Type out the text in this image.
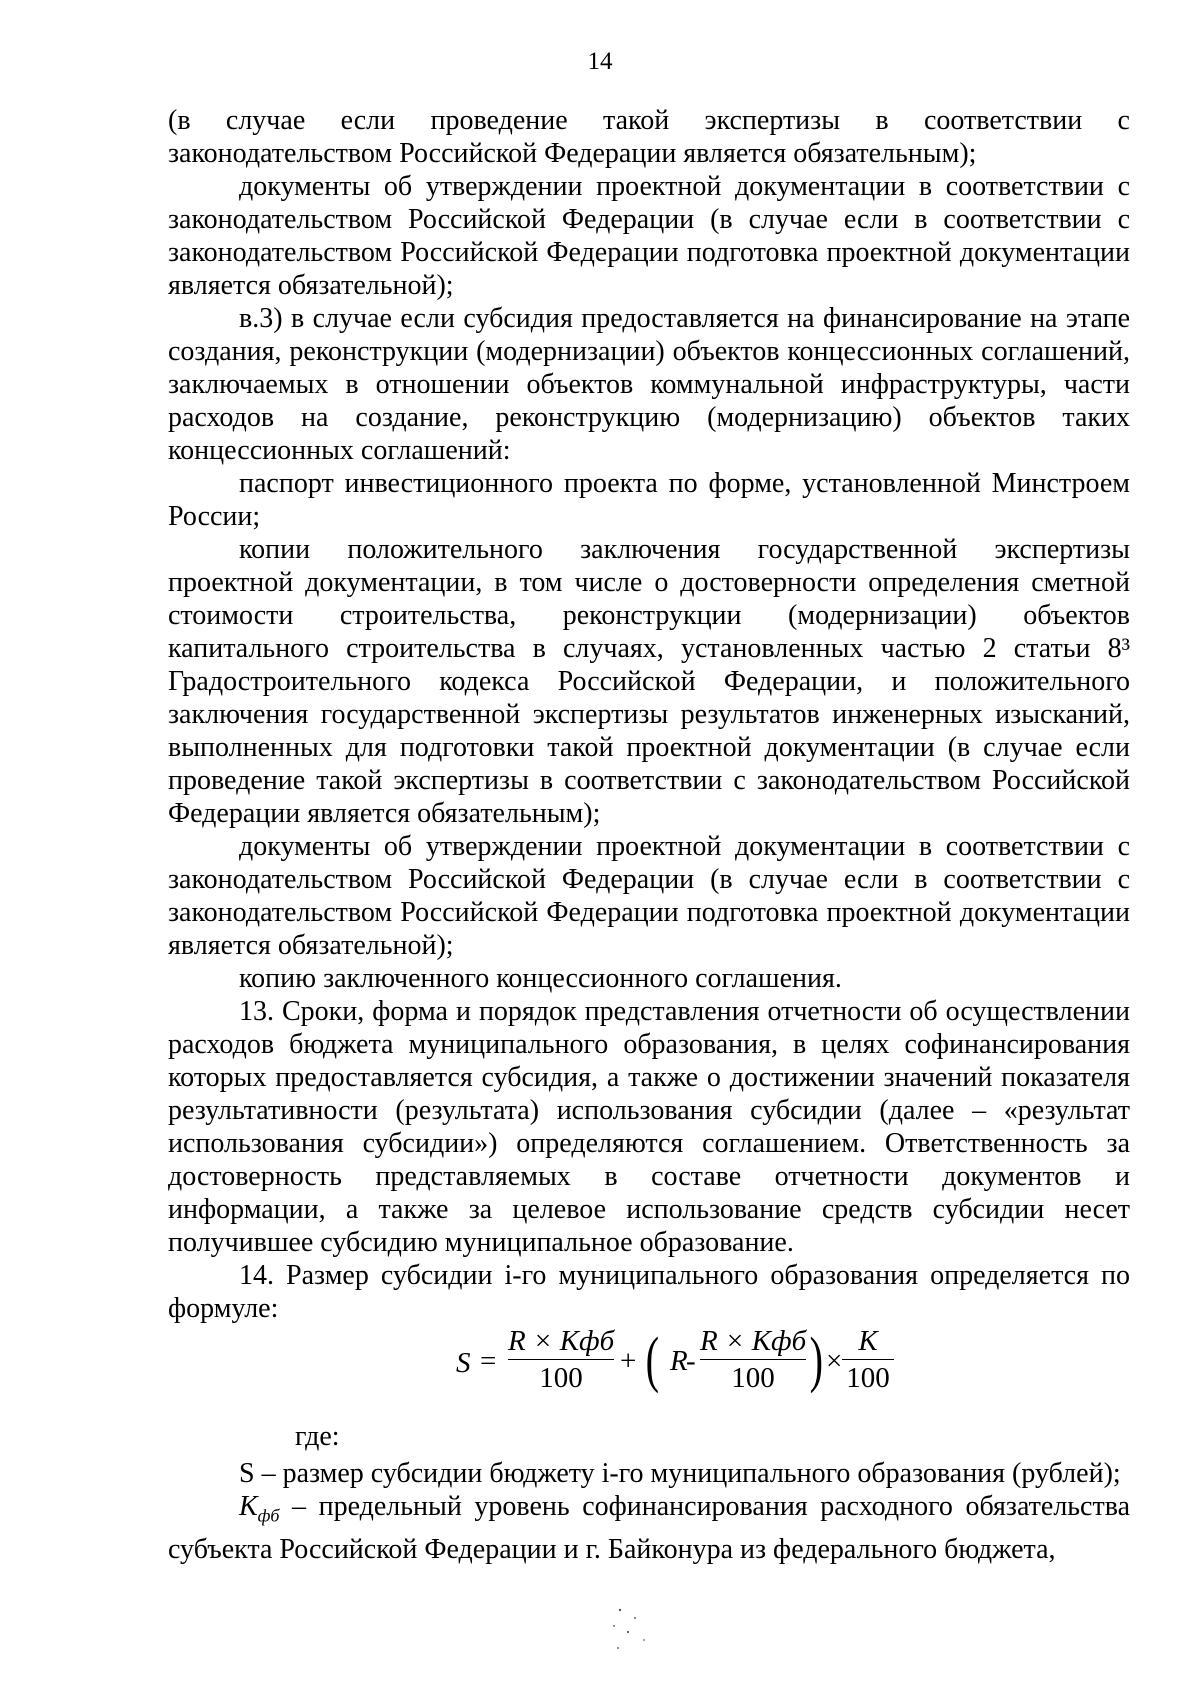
14

(в случае если проведение такой экспертизы в соответствии с законодательством Российской Федерации является обязательным);

документы об утверждении проектной документации в соответствии с законодательством Российской Федерации (в случае если в соответствии с законодательством Российской Федерации подготовка проектной документации является обязательной);

в.3) в случае если субсидия предоставляется на финансирование на этапе создания, реконструкции (модернизации) объектов концессионных соглашений, заключаемых в отношении объектов коммунальной инфраструктуры, части расходов на создание, реконструкцию (модернизацию) объектов таких концессионных соглашений:

паспорт инвестиционного проекта по форме, установленной Минстроем России;

копии положительного заключения государственной экспертизы проектной документации, в том числе о достоверности определения сметной стоимости строительства, реконструкции (модернизации) объектов капитального строительства в случаях, установленных частью 2 статьи 8³ Градостроительного кодекса Российской Федерации, и положительного заключения государственной экспертизы результатов инженерных изысканий, выполненных для подготовки такой проектной документации (в случае если проведение такой экспертизы в соответствии с законодательством Российской Федерации является обязательным);

документы об утверждении проектной документации в соответствии с законодательством Российской Федерации (в случае если в соответствии с законодательством Российской Федерации подготовка проектной документации является обязательной);

копию заключенного концессионного соглашения.

13. Сроки, форма и порядок представления отчетности об осуществлении расходов бюджета муниципального образования, в целях софинансирования которых предоставляется субсидия, а также о достижении значений показателя результативности (результата) использования субсидии (далее – «результат использования субсидии») определяются соглашением. Ответственность за достоверность представляемых в составе отчетности документов и информации, а также за целевое использование средств субсидии несет получившее субсидию муниципальное образование.

14. Размер субсидии i-го муниципального образования определяется по формуле:

S =
R × Кфб
100
+ ( R
-
R × Кфб
100 ) ×
K
100
где:

S – размер субсидии бюджету i-го муниципального образования (рублей);

$К_{фб}$ – предельный уровень софинансирования расходного обязательства субъекта Российской Федерации и г. Байконура из федерального бюджета,
